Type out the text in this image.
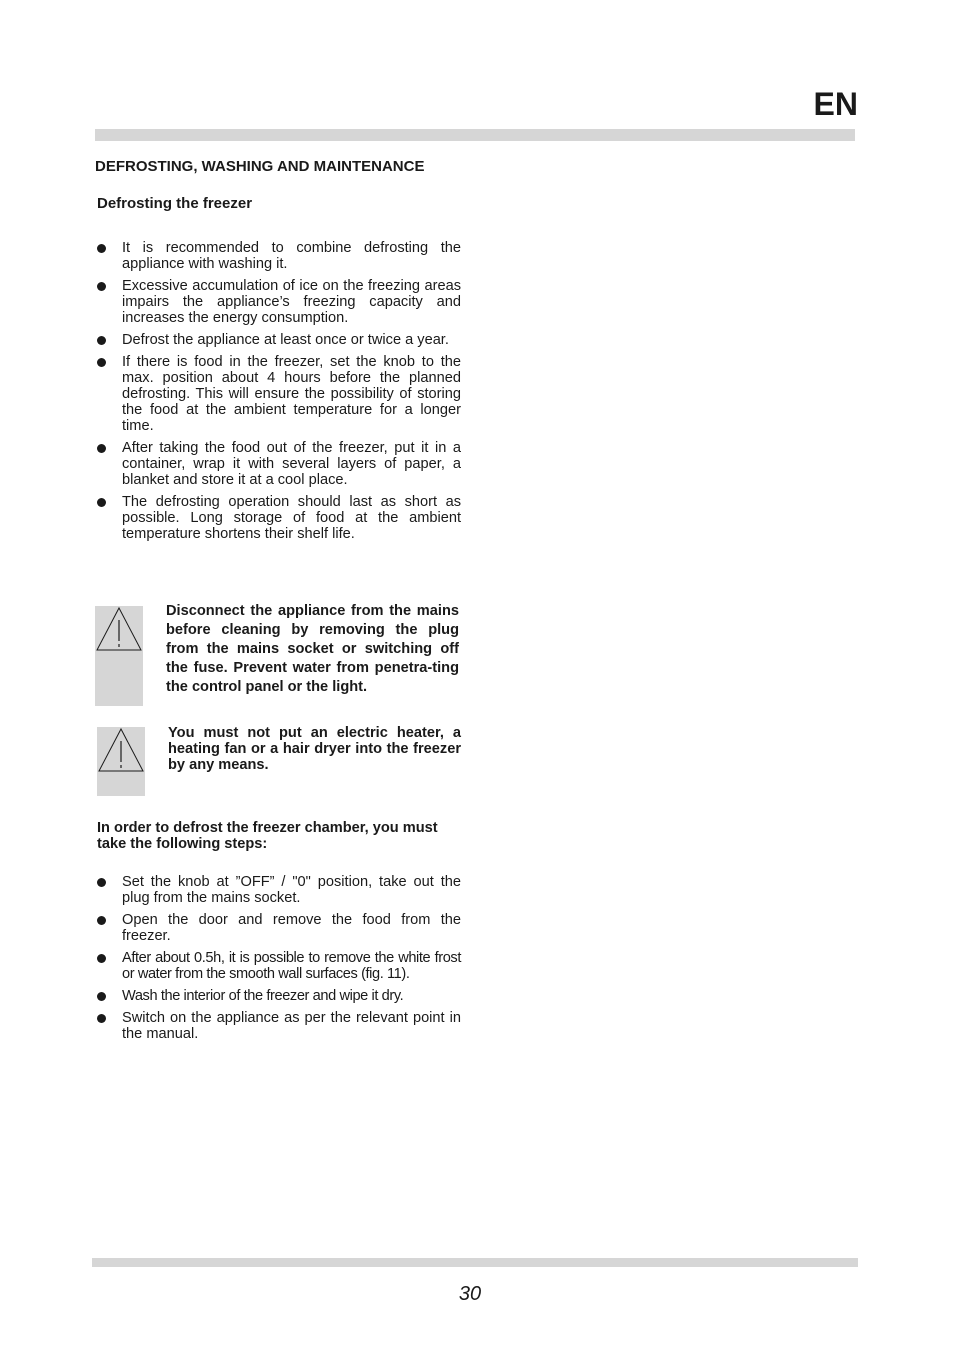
EN
DEFROSTING, WASHING AND MAINTENANCE
Defrosting the freezer
It is recommended to combine defrosting the appliance with washing it.
Excessive accumulation of ice on the freezing areas impairs the appliance’s freezing capacity and increases the energy consumption.
Defrost the appliance at least once or twice a year.
If there is food in the freezer, set the knob to the max. position about 4 hours before the planned defrosting. This will ensure the possibility of storing the food at the ambient temperature for a longer time.
After taking the food out of the freezer, put it in a container, wrap it with several layers of paper, a blanket and store it at a cool place.
The defrosting operation should last as short as possible. Long storage of food at the ambient temperature shortens their shelf life.
Disconnect the appliance from the mains before cleaning by removing the plug from the mains socket or switching off the fuse. Prevent water from penetra-ting the control panel or the light.
You must not put an electric heater, a heating fan or a hair dryer into the freezer by any means.
In order to defrost the freezer chamber, you must take the following steps:
Set the knob at ”OFF” / "0" position, take out the plug from the mains socket.
Open the door and remove the food from the freezer.
After about 0.5h, it is possible to remove the white frost or water from the smooth wall surfaces (fig. 11).
Wash the interior of the freezer and wipe it dry.
Switch on the appliance as per the relevant point in the manual.
30
